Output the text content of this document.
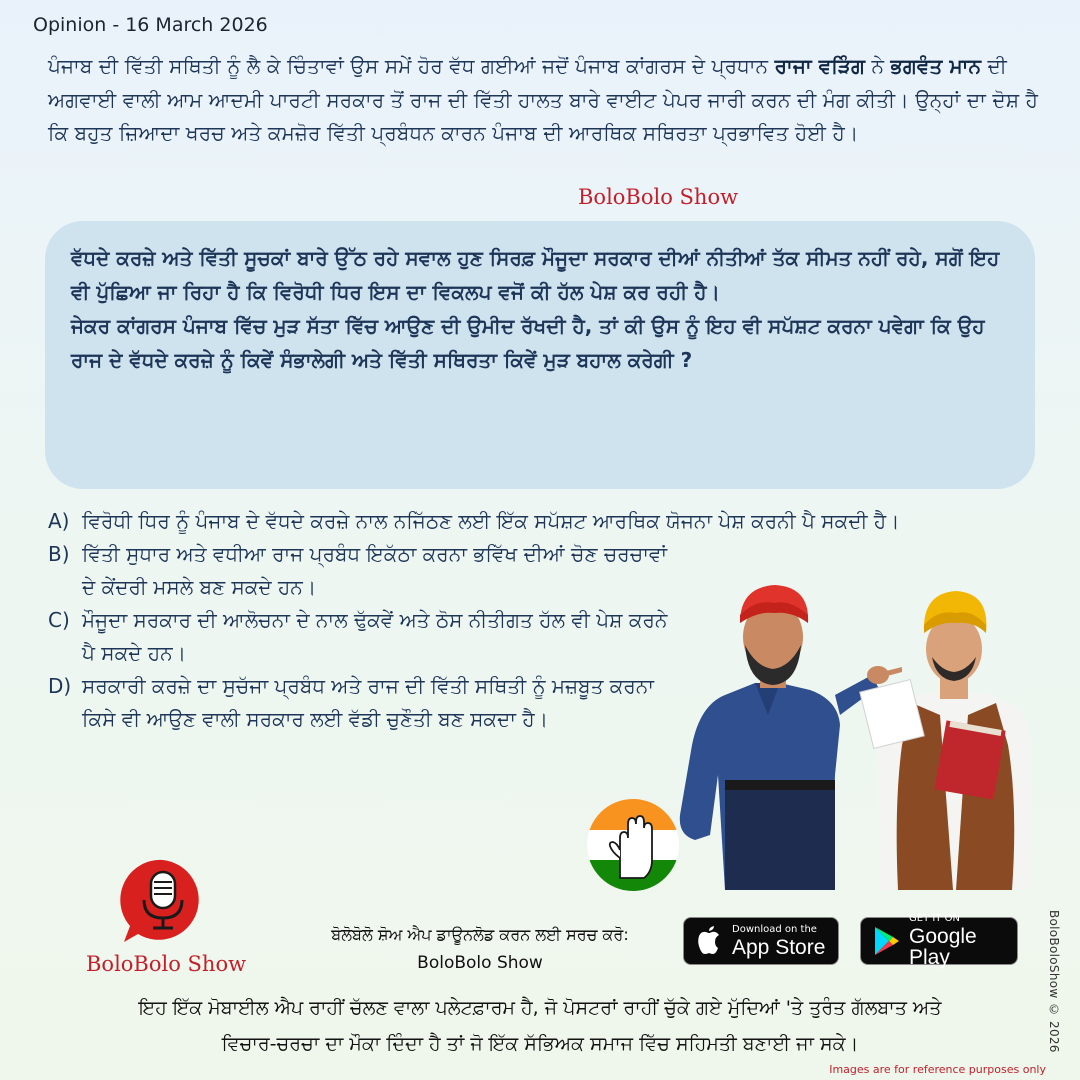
Opinion - 16 March 2026
ਪੰਜਾਬ ਦੀ ਵਿੱਤੀ ਸਥਿਤੀ ਨੂੰ ਲੈ ਕੇ ਚਿੰਤਾਵਾਂ ਉਸ ਸਮੇਂ ਹੋਰ ਵੱਧ ਗਈਆਂ ਜਦੋਂ ਪੰਜਾਬ ਕਾਂਗਰਸ ਦੇ ਪ੍ਰਧਾਨ ਰਾਜਾ ਵੜਿੰਗ ਨੇ ਭਗਵੰਤ ਮਾਨ ਦੀ ਅਗਵਾਈ ਵਾਲੀ ਆਮ ਆਦਮੀ ਪਾਰਟੀ ਸਰਕਾਰ ਤੋਂ ਰਾਜ ਦੀ ਵਿੱਤੀ ਹਾਲਤ ਬਾਰੇ ਵਾਈਟ ਪੇਪਰ ਜਾਰੀ ਕਰਨ ਦੀ ਮੰਗ ਕੀਤੀ। ਉਨ੍ਹਾਂ ਦਾ ਦੋਸ਼ ਹੈ ਕਿ ਬਹੁਤ ਜ਼ਿਆਦਾ ਖਰਚ ਅਤੇ ਕਮਜ਼ੋਰ ਵਿੱਤੀ ਪ੍ਰਬੰਧਨ ਕਾਰਨ ਪੰਜਾਬ ਦੀ ਆਰਥਿਕ ਸਥਿਰਤਾ ਪ੍ਰਭਾਵਿਤ ਹੋਈ ਹੈ।
BoloBolo Show

ਵੱਧਦੇ ਕਰਜ਼ੇ ਅਤੇ ਵਿੱਤੀ ਸੂਚਕਾਂ ਬਾਰੇ ਉੱਠ ਰਹੇ ਸਵਾਲ ਹੁਣ ਸਿਰਫ਼ ਮੌਜੂਦਾ ਸਰਕਾਰ ਦੀਆਂ ਨੀਤੀਆਂ ਤੱਕ ਸੀਮਤ ਨਹੀਂ ਰਹੇ, ਸਗੋਂ ਇਹ ਵੀ ਪੁੱਛਿਆ ਜਾ ਰਿਹਾ ਹੈ ਕਿ ਵਿਰੋਧੀ ਧਿਰ ਇਸ ਦਾ ਵਿਕਲਪ ਵਜੋਂ ਕੀ ਹੱਲ ਪੇਸ਼ ਕਰ ਰਹੀ ਹੈ।

ਜੇਕਰ ਕਾਂਗਰਸ ਪੰਜਾਬ ਵਿੱਚ ਮੁੜ ਸੱਤਾ ਵਿੱਚ ਆਉਣ ਦੀ ਉਮੀਦ ਰੱਖਦੀ ਹੈ, ਤਾਂ ਕੀ ਉਸ ਨੂੰ ਇਹ ਵੀ ਸਪੱਸ਼ਟ ਕਰਨਾ ਪਵੇਗਾ ਕਿ ਉਹ ਰਾਜ ਦੇ ਵੱਧਦੇ ਕਰਜ਼ੇ ਨੂੰ ਕਿਵੇਂ ਸੰਭਾਲੇਗੀ ਅਤੇ ਵਿੱਤੀ ਸਥਿਰਤਾ ਕਿਵੇਂ ਮੁੜ ਬਹਾਲ ਕਰੇਗੀ ?

A) ਵਿਰੋਧੀ ਧਿਰ ਨੂੰ ਪੰਜਾਬ ਦੇ ਵੱਧਦੇ ਕਰਜ਼ੇ ਨਾਲ ਨਜਿੱਠਣ ਲਈ ਇੱਕ ਸਪੱਸ਼ਟ ਆਰਥਿਕ ਯੋਜਨਾ ਪੇਸ਼ ਕਰਨੀ ਪੈ ਸਕਦੀ ਹੈ।
B) ਵਿੱਤੀ ਸੁਧਾਰ ਅਤੇ ਵਧੀਆ ਰਾਜ ਪ੍ਰਬੰਧ ਇਕੱਠਾ ਕਰਨਾ ਭਵਿੱਖ ਦੀਆਂ ਚੋਣ ਚਰਚਾਵਾਂ ਦੇ ਕੇਂਦਰੀ ਮਸਲੇ ਬਣ ਸਕਦੇ ਹਨ।
C) ਮੌਜੂਦਾ ਸਰਕਾਰ ਦੀ ਆਲੋਚਨਾ ਦੇ ਨਾਲ ਢੁੱਕਵੇਂ ਅਤੇ ਠੋਸ ਨੀਤੀਗਤ ਹੱਲ ਵੀ ਪੇਸ਼ ਕਰਨੇ ਪੈ ਸਕਦੇ ਹਨ।
D) ਸਰਕਾਰੀ ਕਰਜ਼ੇ ਦਾ ਸੁਚੱਜਾ ਪ੍ਰਬੰਧ ਅਤੇ ਰਾਜ ਦੀ ਵਿੱਤੀ ਸਥਿਤੀ ਨੂੰ ਮਜ਼ਬੂਤ ਕਰਨਾ ਕਿਸੇ ਵੀ ਆਉਣ ਵਾਲੀ ਸਰਕਾਰ ਲਈ ਵੱਡੀ ਚੁਣੌਤੀ ਬਣ ਸਕਦਾ ਹੈ।
BoloBolo Show
ਬੋਲੋਬੋਲੋ ਸ਼ੋਅ ਐਪ ਡਾਊਨਲੋਡ ਕਰਨ ਲਈ ਸਰਚ ਕਰੋ:
BoloBolo Show
Download on the
App Store
GET IT ON
Google Play
ਇਹ ਇੱਕ ਮੋਬਾਈਲ ਐਪ ਰਾਹੀਂ ਚੱਲਣ ਵਾਲਾ ਪਲੇਟਫ਼ਾਰਮ ਹੈ, ਜੋ ਪੋਸਟਰਾਂ ਰਾਹੀਂ ਚੁੱਕੇ ਗਏ ਮੁੱਦਿਆਂ 'ਤੇ ਤੁਰੰਤ ਗੱਲਬਾਤ ਅਤੇ
ਵਿਚਾਰ-ਚਰਚਾ ਦਾ ਮੌਕਾ ਦਿੰਦਾ ਹੈ ਤਾਂ ਜੋ ਇੱਕ ਸੱਭਿਅਕ ਸਮਾਜ ਵਿੱਚ ਸਹਿਮਤੀ ਬਣਾਈ ਜਾ ਸਕੇ।	BoloBoloShow © 2026
Images are for reference purposes only
